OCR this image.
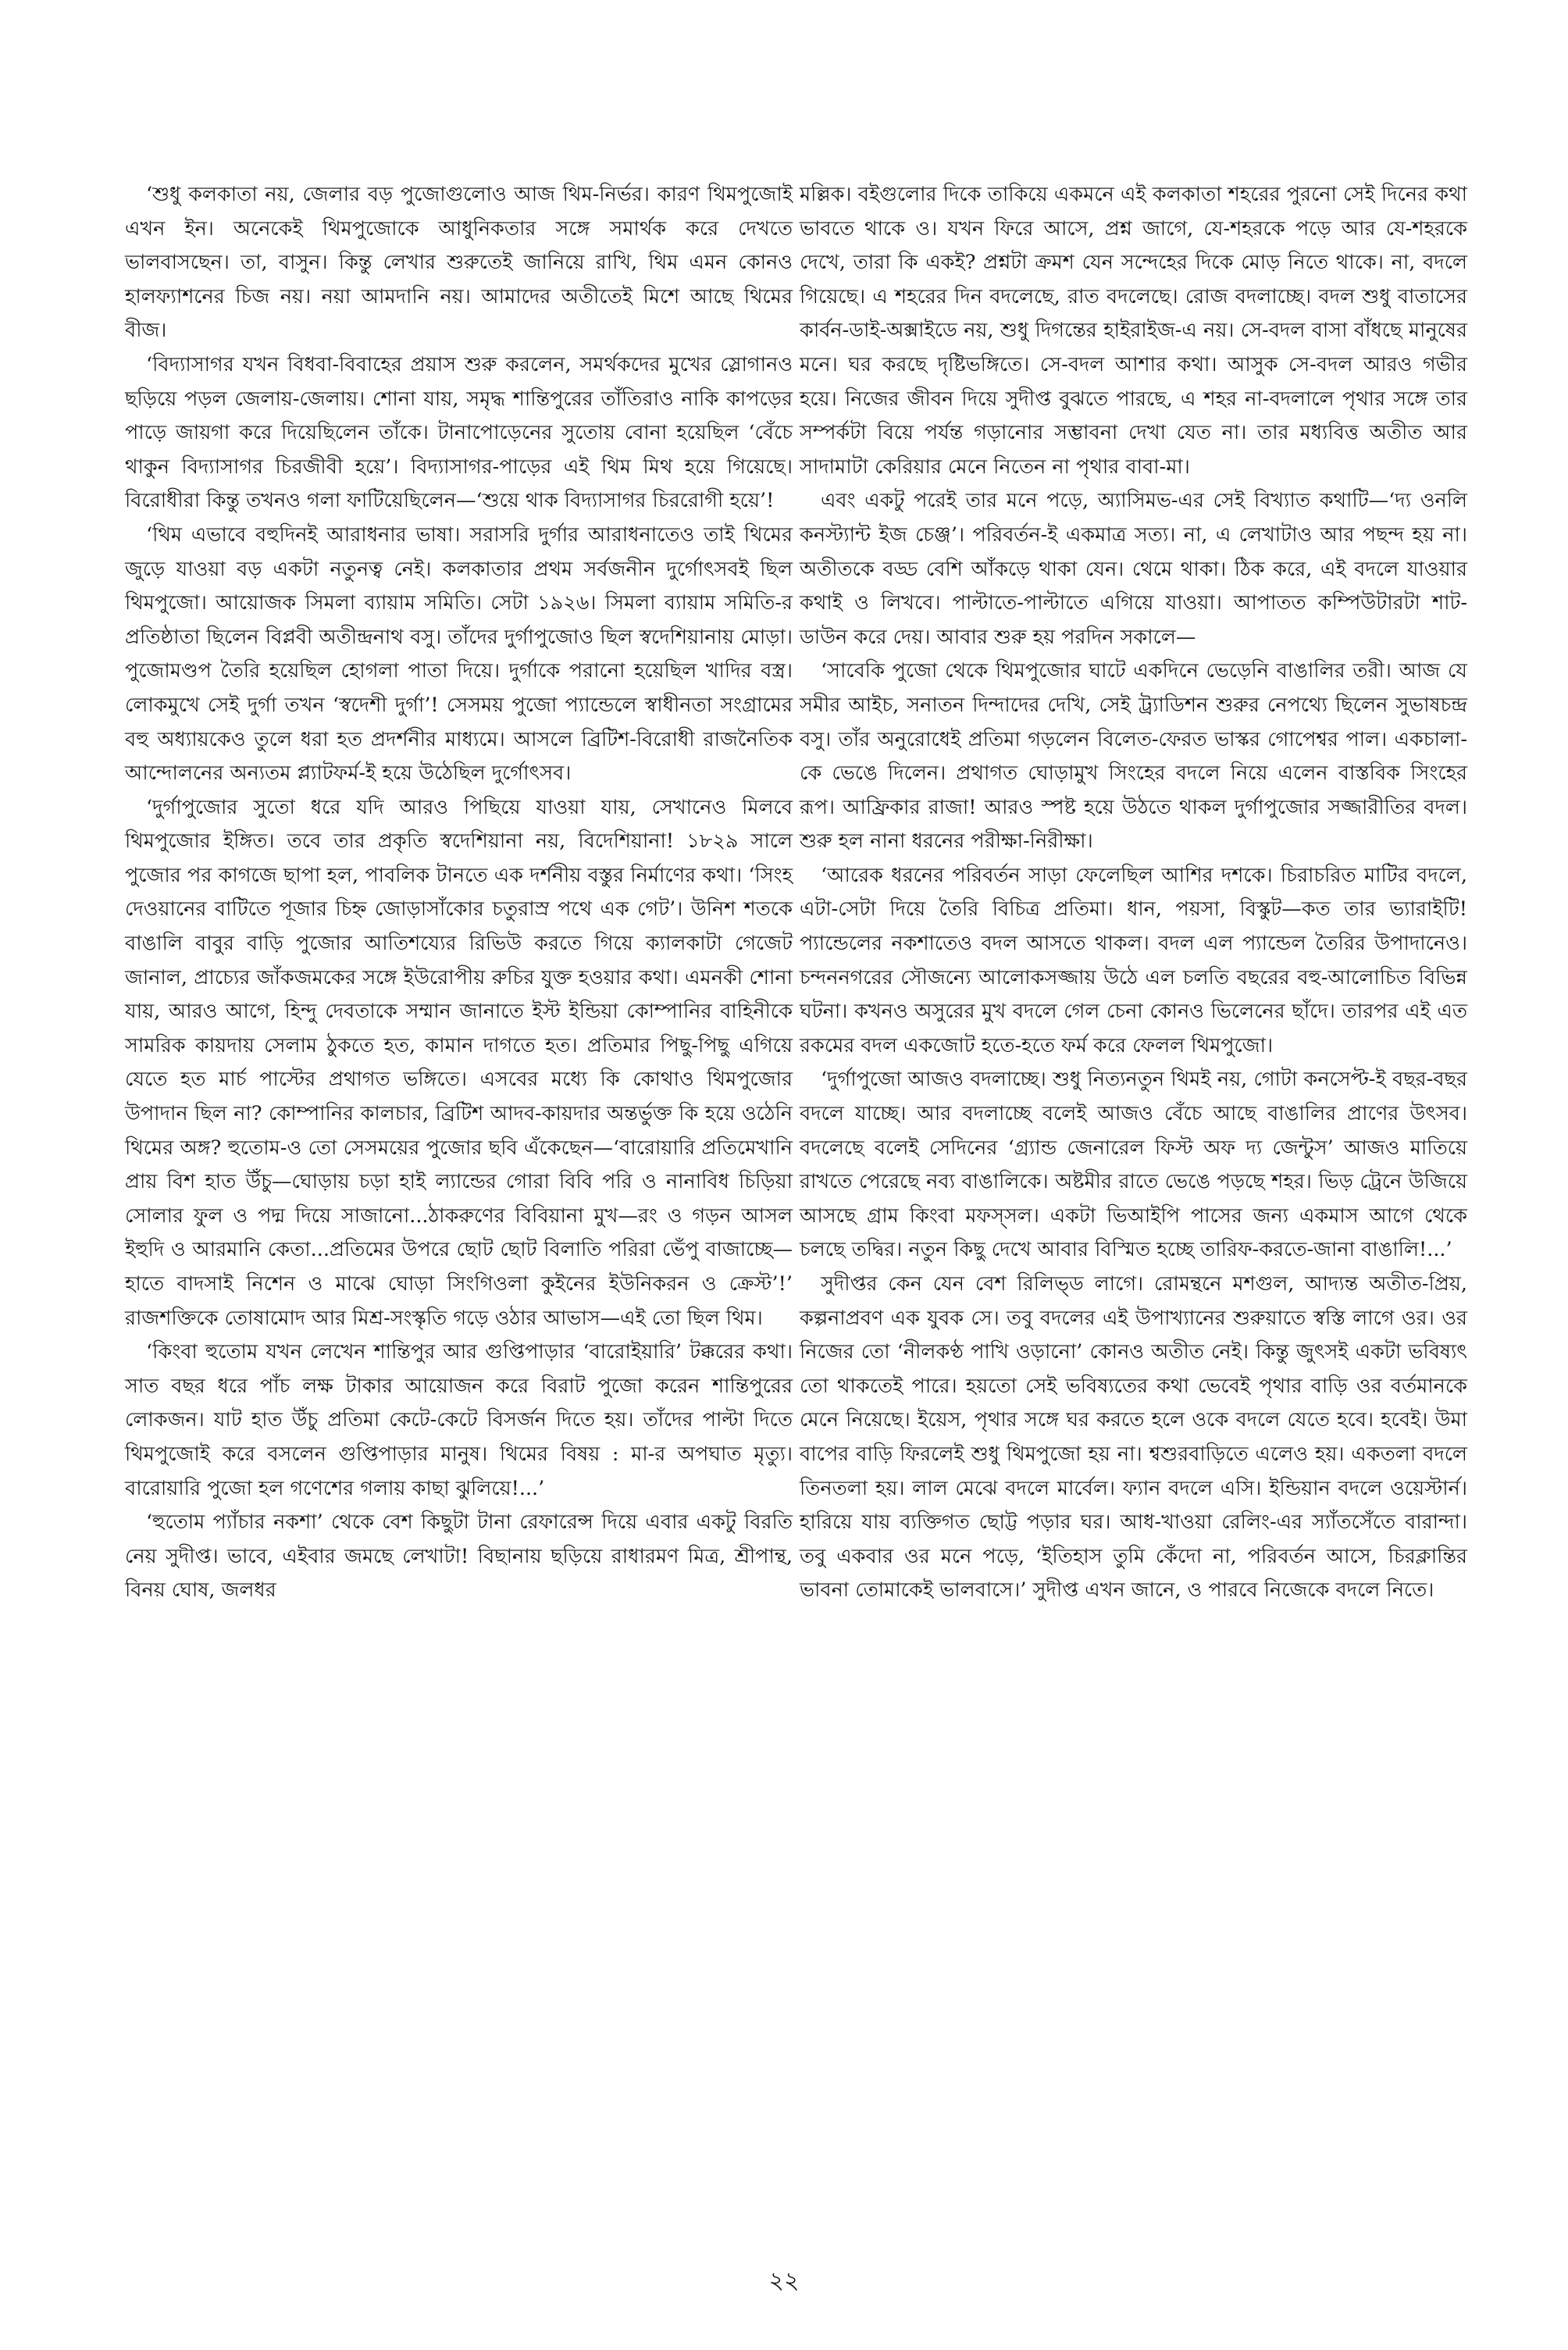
‘শুধু কলকাতা নয়, জেলার বড় পুজোগুলোও আজ থিম-নির্ভর। কারণ থিমপুজোই এখন ইন। অনেকেই থিমপুজোকে আধুনিকতার সঙ্গে সমার্থক করে দেখতে ভালবাসছেন। তা, বাসুন। কিন্তু লেখার শুরুতেই জানিয়ে রাখি, থিম এমন কোনও হালফ্যাশনের চিজ নয়। নয়া আমদানি নয়। আমাদের অতীতেই মিশে আছে থিমের বীজ।

‘বিদ্যাসাগর যখন বিধবা-বিবাহের প্রয়াস শুরু করলেন, সমর্থকদের মুখের স্লোগানও ছড়িয়ে পড়ল জেলায়-জেলায়। শোনা যায়, সমৃদ্ধ শান্তিপুরের তাঁতিরাও নাকি কাপড়ের পাড়ে জায়গা করে দিয়েছিলেন তাঁকে। টানাপোড়েনের সুতোয় বোনা হয়েছিল ‘বেঁচে থাকুন বিদ্যাসাগর চিরজীবী হয়ে’। বিদ্যাসাগর-পাড়ের এই থিম মিথ হয়ে গিয়েছে। বিরোধীরা কিন্তু তখনও গলা ফাটিয়েছিলেন—‘শুয়ে থাক বিদ্যাসাগর চিররোগী হয়ে’!

‘থিম এভাবে বহুদিনই আরাধনার ভাষা। সরাসরি দুর্গার আরাধনাতেও তাই থিমের জুড়ে যাওয়া বড় একটা নতুনত্ব নেই। কলকাতার প্রথম সর্বজনীন দুর্গোৎসবই ছিল থিমপুজো। আয়োজক সিমলা ব্যায়াম সমিতি। সেটা ১৯২৬। সিমলা ব্যায়াম সমিতি-র প্রতিষ্ঠাতা ছিলেন বিপ্লবী অতীন্দ্রনাথ বসু। তাঁদের দুর্গাপুজোও ছিল স্বদেশিয়ানায় মোড়া। পুজোমণ্ডপ তৈরি হয়েছিল হোগলা পাতা দিয়ে। দুর্গাকে পরানো হয়েছিল খাদির বস্ত্র। লোকমুখে সেই দুর্গা তখন ‘স্বদেশী দুর্গা’! সেসময় পুজো প্যান্ডেলে স্বাধীনতা সংগ্রামের বহু অধ্যায়কেও তুলে ধরা হত প্রদর্শনীর মাধ্যমে। আসলে ব্রিটিশ-বিরোধী রাজনৈতিক আন্দোলনের অন্যতম প্ল্যাটফর্ম-ই হয়ে উঠেছিল দুর্গোৎসব।

‘দুর্গাপুজোর সুতো ধরে যদি আরও পিছিয়ে যাওয়া যায়, সেখানেও মিলবে থিমপুজোর ইঙ্গিত। তবে তার প্রকৃতি স্বদেশিয়ানা নয়, বিদেশিয়ানা! ১৮২৯ সালে পুজোর পর কাগজে ছাপা হল, পাবলিক টানতে এক দর্শনীয় বস্তুর নির্মাণের কথা। ‘সিংহ দেওয়ানের বাটিতে পূজার চিহ্ন জোড়াসাঁকোর চতুরাস্র পথে এক গেট’। উনিশ শতকে বাঙালি বাবুর বাড়ি পুজোর আতিশয্যের রিভিউ করতে গিয়ে ক্যালকাটা গেজেট জানাল, প্রাচ্যের জাঁকজমকের সঙ্গে ইউরোপীয় রুচির যুক্ত হওয়ার কথা। এমনকী শোনা যায়, আরও আগে, হিন্দু দেবতাকে সম্মান জানাতে ইস্ট ইন্ডিয়া কোম্পানির বাহিনীকে সামরিক কায়দায় সেলাম ঠুকতে হত, কামান দাগতে হত। প্রতিমার পিছু-পিছু এগিয়ে যেতে হত মার্চ পাস্টের প্রথাগত ভঙ্গিতে। এসবের মধ্যে কি কোথাও থিমপুজোর উপাদান ছিল না? কোম্পানির কালচার, ব্রিটিশ আদব-কায়দার অন্তর্ভুক্ত কি হয়ে ওঠেনি থিমের অঙ্গ? হুতোম-ও তো সেসময়ের পুজোর ছবি এঁকেছেন—‘বারোয়ারি প্রতিমেখানি প্রায় বিশ হাত উঁচু—ঘোড়ায় চড়া হাই ল্যান্ডের গোরা বিবি পরি ও নানাবিধ চিড়িয়া সোলার ফুল ও পদ্ম দিয়ে সাজানো...ঠাকরুণের বিবিয়ানা মুখ—রং ও গড়ন আসল ইহুদি ও আরমানি কেতা...প্রতিমের উপরে ছোট ছোট বিলাতি পরিরা ভেঁপু বাজাচ্ছে—হাতে বাদসাই নিশেন ও মাঝে ঘোড়া সিংগিওলা কুইনের ইউনিকরন ও ক্রেস্ট’!’ রাজশক্তিকে তোষামোদ আর মিশ্র-সংস্কৃতি গড়ে ওঠার আভাস—এই তো ছিল থিম।

‘কিংবা হুতোম যখন লেখেন শান্তিপুর আর গুপ্তিপাড়ার ‘বারোইয়ারি’ টক্করের কথা। সাত বছর ধরে পাঁচ লক্ষ টাকার আয়োজন করে বিরাট পুজো করেন শান্তিপুরের লোকজন। যাট হাত উঁচু প্রতিমা কেটে-কেটে বিসর্জন দিতে হয়। তাঁদের পাল্টা দিতে থিমপুজোই করে বসলেন গুপ্তিপাড়ার মানুষ। থিমের বিষয় : মা-র অপঘাত মৃত্যু। বারোয়ারি পুজো হল গণেশের গলায় কাছা ঝুলিয়ে!...’

‘হুতোম প্যাঁচার নকশা’ থেকে বেশ কিছুটা টানা রেফারেন্স দিয়ে এবার একটু বিরতি নেয় সুদীপ্ত। ভাবে, এইবার জমছে লেখাটা! বিছানায় ছড়িয়ে রাধারমণ মিত্র, শ্রীপান্থ, বিনয় ঘোষ, জলধর

মল্লিক। বইগুলোর দিকে তাকিয়ে একমনে এই কলকাতা শহরের পুরনো সেই দিনের কথা ভাবতে থাকে ও। যখন ফিরে আসে, প্রশ্ন জাগে, যে-শহরকে পড়ে আর যে-শহরকে দেখে, তারা কি একই? প্রশ্নটা ক্রমশ যেন সন্দেহের দিকে মোড় নিতে থাকে। না, বদলে গিয়েছে। এ শহরের দিন বদলেছে, রাত বদলেছে। রোজ বদলাচ্ছে। বদল শুধু বাতাসের কার্বন-ডাই-অক্সাইডে নয়, শুধু দিগন্তের হাইরাইজ-এ নয়। সে-বদল বাসা বাঁধছে মানুষের মনে। ঘর করছে দৃষ্টিভঙ্গিতে। সে-বদল আশার কথা। আসুক সে-বদল আরও গভীর হয়ে। নিজের জীবন দিয়ে সুদীপ্ত বুঝতে পারছে, এ শহর না-বদলালে পৃথার সঙ্গে তার সম্পর্কটা বিয়ে পর্যন্ত গড়ানোর সম্ভাবনা দেখা যেত না। তার মধ্যবিত্ত অতীত আর সাদামাটা কেরিয়ার মেনে নিতেন না পৃথার বাবা-মা।

এবং একটু পরেই তার মনে পড়ে, অ্যাসিমভ-এর সেই বিখ্যাত কথাটি—‘দ্য ওনলি কনস্ট্যান্ট ইজ চেঞ্জ’। পরিবর্তন-ই একমাত্র সত্য। না, এ লেখাটাও আর পছন্দ হয় না। অতীতকে বড্ড বেশি আঁকড়ে থাকা যেন। থেমে থাকা। ঠিক করে, এই বদলে যাওয়ার কথাই ও লিখবে। পাল্টাতে-পাল্টাতে এগিয়ে যাওয়া। আপাতত কম্পিউটারটা শাট-ডাউন করে দেয়। আবার শুরু হয় পরদিন সকালে—

‘সাবেকি পুজো থেকে থিমপুজোর ঘাটে একদিনে ভেড়েনি বাঙালির তরী। আজ যে সমীর আইচ, সনাতন দিন্দাদের দেখি, সেই ট্র্যাডিশন শুরুর নেপথ্যে ছিলেন সুভাষচন্দ্র বসু। তাঁর অনুরোধেই প্রতিমা গড়লেন বিলেত-ফেরত ভাস্কর গোপেশ্বর পাল। একচালা-কে ভেঙে দিলেন। প্রথাগত ঘোড়ামুখ সিংহের বদলে নিয়ে এলেন বাস্তবিক সিংহের রূপ। আফ্রিকার রাজা! আরও স্পষ্ট হয়ে উঠতে থাকল দুর্গাপুজোর সজ্জারীতির বদল। শুরু হল নানা ধরনের পরীক্ষা-নিরীক্ষা।

‘আরেক ধরনের পরিবর্তন সাড়া ফেলেছিল আশির দশকে। চিরাচরিত মাটির বদলে, এটা-সেটা দিয়ে তৈরি বিচিত্র প্রতিমা। ধান, পয়সা, বিস্কুট—কত তার ভ্যারাইটি! প্যান্ডেলের নকশাতেও বদল আসতে থাকল। বদল এল প্যান্ডেল তৈরির উপাদানেও। চন্দননগরের সৌজন্যে আলোকসজ্জায় উঠে এল চলতি বছরের বহু-আলোচিত বিভিন্ন ঘটনা। কখনও অসুরের মুখ বদলে গেল চেনা কোনও ভিলেনের ছাঁদে। তারপর এই এত রকমের বদল একজোট হতে-হতে ফর্ম করে ফেলল থিমপুজো।

‘দুর্গাপুজো আজও বদলাচ্ছে। শুধু নিত্যনতুন থিমই নয়, গোটা কনসেপ্ট-ই বছর-বছর বদলে যাচ্ছে। আর বদলাচ্ছে বলেই আজও বেঁচে আছে বাঙালির প্রাণের উৎসব। বদলেছে বলেই সেদিনের ‘গ্র্যান্ড জেনারেল ফিস্ট অফ দ্য জেন্টুস’ আজও মাতিয়ে রাখতে পেরেছে নব্য বাঙালিকে। অষ্টমীর রাতে ভেঙে পড়ছে শহর। ভিড় ট্রেনে উজিয়ে আসছে গ্রাম কিংবা মফস্সল। একটা ভিআইপি পাসের জন্য একমাস আগে থেকে চলছে তদ্বির। নতুন কিছু দেখে আবার বিস্মিত হচ্ছে তারিফ-করতে-জানা বাঙালি!...’

সুদীপ্তর কেন যেন বেশ রিলিভ্‌ড লাগে। রোমন্থনে মশগুল, আদ্যন্ত অতীত-প্রিয়, কল্পনাপ্রবণ এক যুবক সে। তবু বদলের এই উপাখ্যানের শুরুয়াতে স্বস্তি লাগে ওর। ওর নিজের তো ‘নীলকণ্ঠ পাখি ওড়ানো’ কোনও অতীত নেই। কিন্তু জুৎসই একটা ভবিষ্যৎ তো থাকতেই পারে। হয়তো সেই ভবিষ্যতের কথা ভেবেই পৃথার বাড়ি ওর বর্তমানকে মেনে নিয়েছে। ইয়েস, পৃথার সঙ্গে ঘর করতে হলে ওকে বদলে যেতে হবে। হবেই। উমা বাপের বাড়ি ফিরলেই শুধু থিমপুজো হয় না। শ্বশুরবাড়িতে এলেও হয়। একতলা বদলে তিনতলা হয়। লাল মেঝে বদলে মার্বেল। ফ্যান বদলে এসি। ইন্ডিয়ান বদলে ওয়েস্টার্ন। হারিয়ে যায় ব্যক্তিগত ছোট্ট পড়ার ঘর। আধ-খাওয়া রেলিং-এর স্যাঁতসেঁতে বারান্দা। তবু একবার ওর মনে পড়ে, ‘ইতিহাস তুমি কেঁদো না, পরিবর্তন আসে, চিরক্লান্তির ভাবনা তোমাকেই ভালবাসে।’ সুদীপ্ত এখন জানে, ও পারবে নিজেকে বদলে নিতে।

২২
